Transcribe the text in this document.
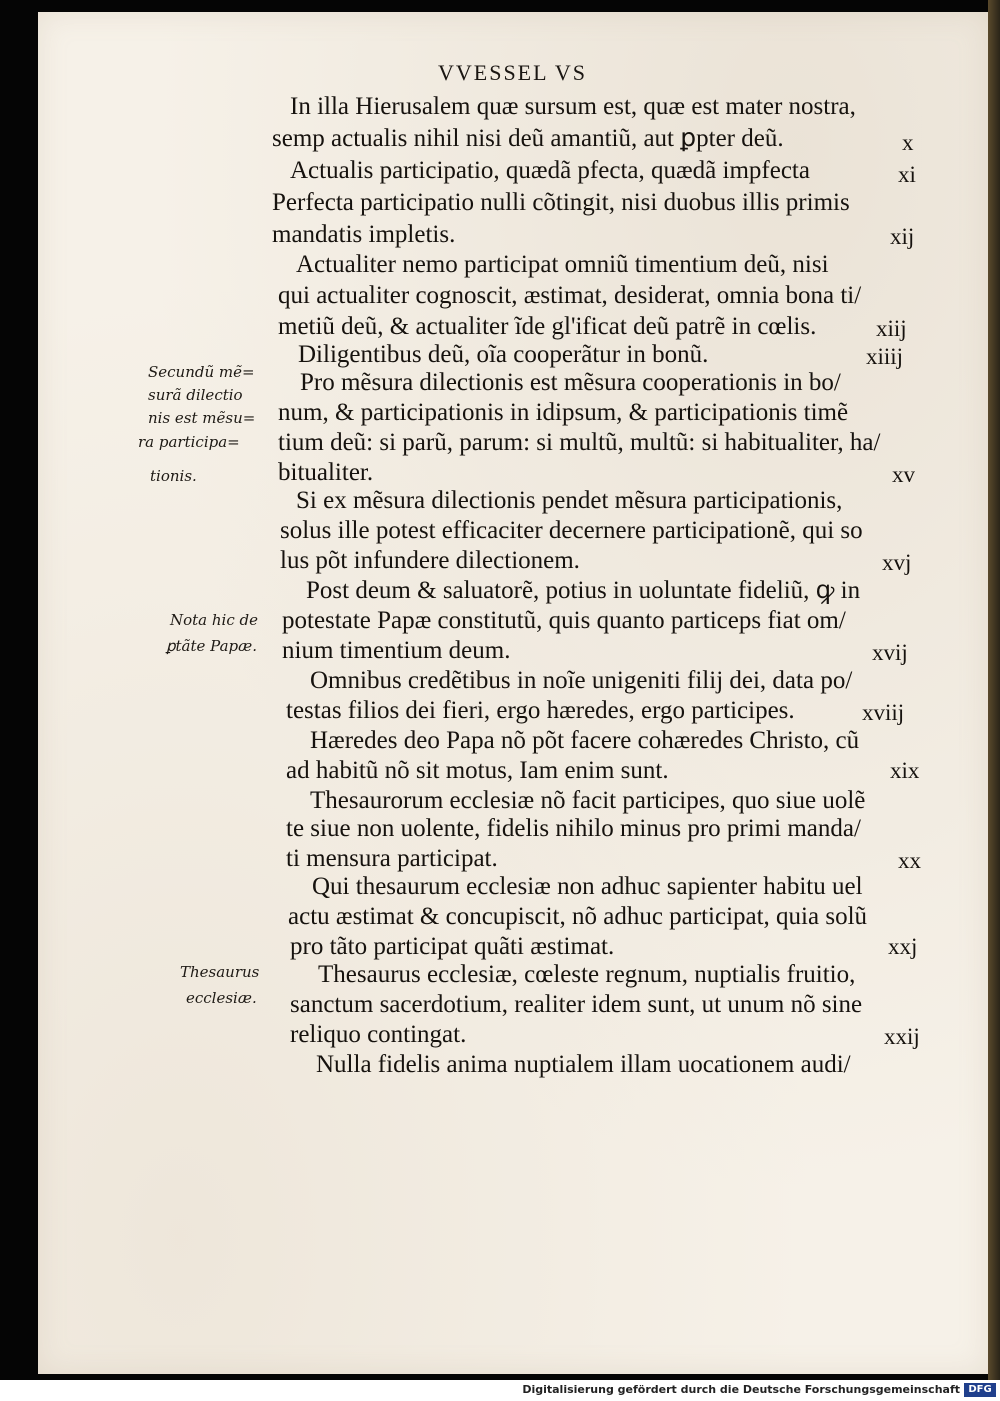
VVESSEL VS
In illa Hierusalem quæ sursum est, quæ est mater nostra,
semp actualis nihil nisi deũ amantiũ, aut ꝑpter deũ.
Actualis participatio, quædã pfecta, quædã impfecta
Perfecta participatio nulli cõtingit, nisi duobus illis primis
mandatis impletis.
Actualiter nemo participat omniũ timentium deũ, nisi
qui actualiter cognoscit, æstimat, desiderat, omnia bona ti/
metiũ deũ, & actualiter ĩde gl'ificat deũ patrẽ in cœlis.
Diligentibus deũ, oĩa cooperãtur in bonũ.
Pro mẽsura dilectionis est mẽsura cooperationis in bo/
num, & participationis in idipsum, & participationis timẽ
tium deũ: si parũ, parum: si multũ, multũ: si habitualiter, ha/
bitualiter.
Si ex mẽsura dilectionis pendet mẽsura participationis,
solus ille potest efficaciter decernere participationẽ, qui so
lus põt infundere dilectionem.
Post deum & saluatorẽ, potius in uoluntate fideliũ, ꝙ in
potestate Papæ constitutũ, quis quanto particeps fiat om/
nium timentium deum.
Omnibus credẽtibus in noĩe unigeniti filij dei, data po/
testas filios dei fieri, ergo hæredes, ergo participes.
Hæredes deo Papa nõ põt facere cohæredes Christo, cũ
ad habitũ nõ sit motus, Iam enim sunt.
Thesaurorum ecclesiæ nõ facit participes, quo siue uolẽ
te siue non uolente, fidelis nihilo minus pro primi manda/
ti mensura participat.
Qui thesaurum ecclesiæ non adhuc sapienter habitu uel
actu æstimat & concupiscit, nõ adhuc participat, quia solũ
pro tãto participat quãti æstimat.
Thesaurus ecclesiæ, cœleste regnum, nuptialis fruitio,
sanctum sacerdotium, realiter idem sunt, ut unum nõ sine
reliquo contingat.
Nulla fidelis anima nuptialem illam uocationem audi/
x
xi
xij
xiij
xiiij
xv
xvj
xvij
xviij
xix
xx
xxj
xxij
Secundũ mẽ=
surã dilectio
nis est mẽsu=
ra participa=
tionis.
Nota hic de
ꝑtãte Papæ.
Thesaurus
ecclesiæ.
Digitalisierung gefördert durch die Deutsche Forschungsgemeinschaft DFG
